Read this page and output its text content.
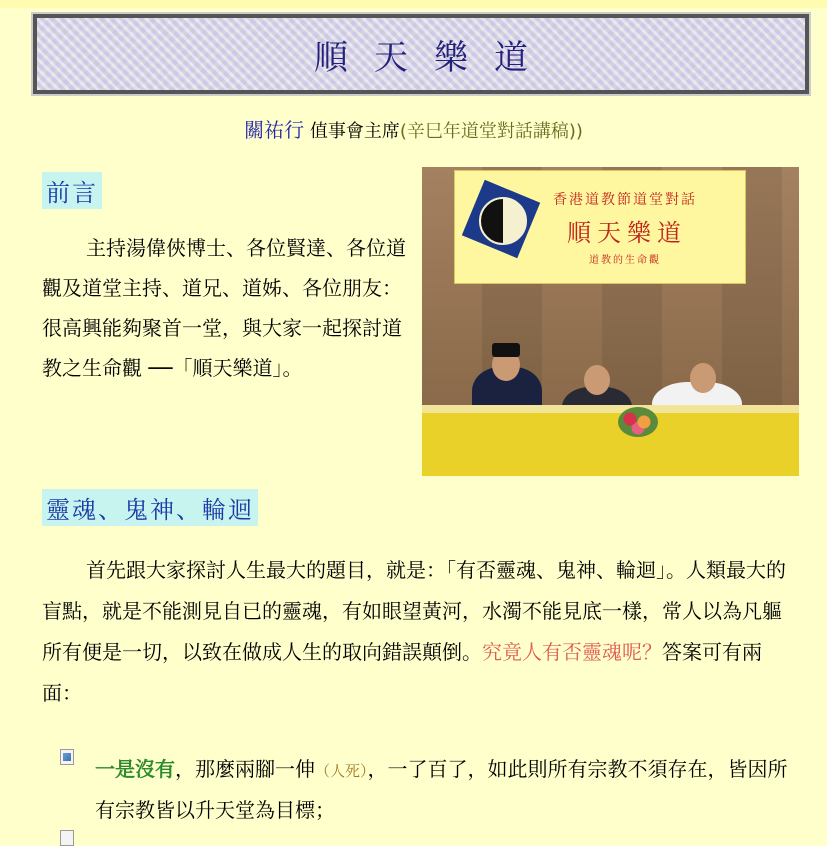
順天樂道
關祐行 值事會主席(辛巳年道堂對話講稿))
前言
主持湯偉俠博士、各位賢達、各位道觀及道堂主持、道兄、道姊、各位朋友：很高興能夠聚首一堂，與大家一起探討道教之生命觀 ──「順天樂道」。
香港道教節道堂對話
順天樂道
道教的生命觀
靈魂、鬼神、輪迴
首先跟大家探討人生最大的題目，就是：「有否靈魂、鬼神、輪迴」。人類最大的盲點，就是不能測見自已的靈魂，有如眼望黃河，水濁不能見底一樣，常人以為凡軀所有便是一切，以致在做成人生的取向錯誤顛倒。究竟人有否靈魂呢？答案可有兩面：
一是沒有，那麼兩腳一伸（人死），一了百了，如此則所有宗教不須存在，皆因所有宗教皆以升天堂為目標；
